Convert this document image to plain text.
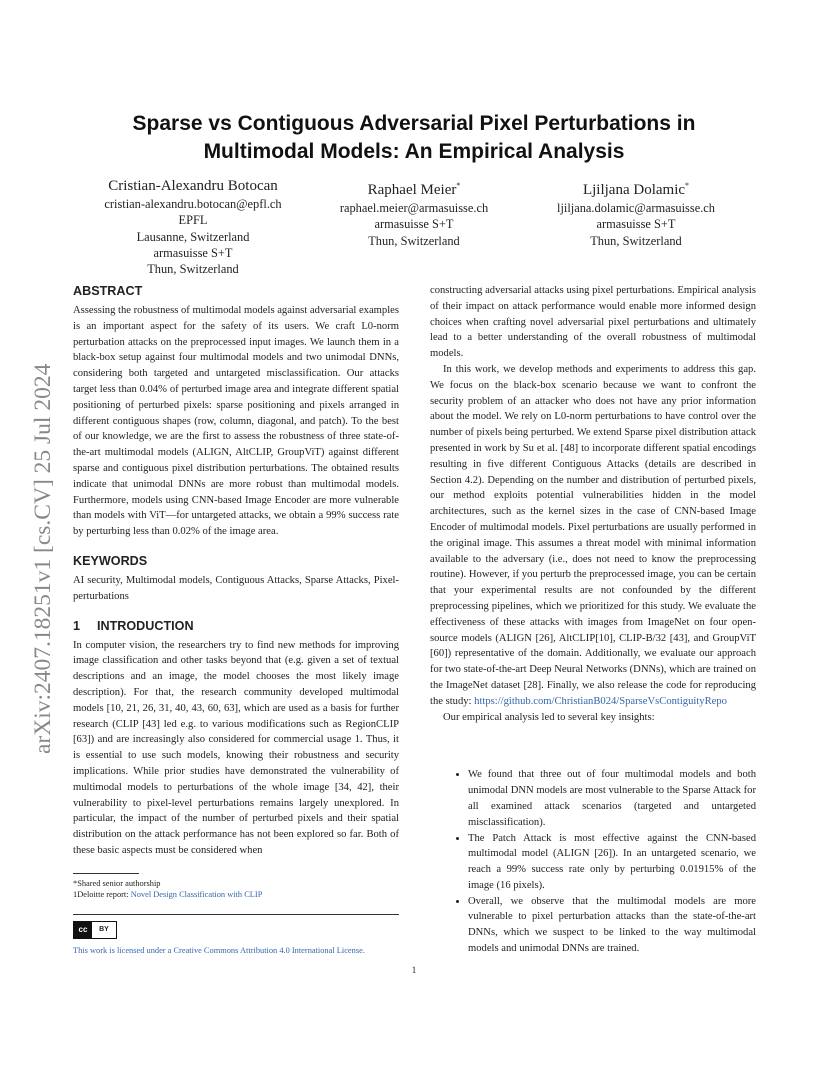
arXiv:2407.18251v1 [cs.CV] 25 Jul 2024
Sparse vs Contiguous Adversarial Pixel Perturbations in
Multimodal Models: An Empirical Analysis
Cristian-Alexandru Botocan
cristian-alexandru.botocan@epfl.ch
EPFL
Lausanne, Switzerland
armasuisse S+T
Thun, Switzerland
Raphael Meier*
raphael.meier@armasuisse.ch
armasuisse S+T
Thun, Switzerland
Ljiljana Dolamic*
ljiljana.dolamic@armasuisse.ch
armasuisse S+T
Thun, Switzerland
ABSTRACT

Assessing the robustness of multimodal models against adversarial examples is an important aspect for the safety of its users. We craft L0-norm perturbation attacks on the preprocessed input images. We launch them in a black-box setup against four multimodal models and two unimodal DNNs, considering both targeted and untargeted misclassification. Our attacks target less than 0.04% of perturbed image area and integrate different spatial positioning of perturbed pixels: sparse positioning and pixels arranged in different contiguous shapes (row, column, diagonal, and patch). To the best of our knowledge, we are the first to assess the robustness of three state-of-the-art multimodal models (ALIGN, AltCLIP, GroupViT) against different sparse and contiguous pixel distribution perturbations. The obtained results indicate that unimodal DNNs are more robust than multimodal models. Furthermore, models using CNN-based Image Encoder are more vulnerable than models with ViT—for untargeted attacks, we obtain a 99% success rate by perturbing less than 0.02% of the image area.

KEYWORDS

AI security, Multimodal models, Contiguous Attacks, Sparse Attacks, Pixel-perturbations

1 INTRODUCTION

In computer vision, the researchers try to find new methods for improving image classification and other tasks beyond that (e.g. given a set of textual descriptions and an image, the model chooses the most likely image description). For that, the research community developed multimodal models [10, 21, 26, 31, 40, 43, 60, 63], which are used as a basis for further research (CLIP [43] led e.g. to various modifications such as RegionCLIP [63]) and are increasingly also considered for commercial usage 1. Thus, it is essential to use such models, knowing their robustness and security implications. While prior studies have demonstrated the vulnerability of multimodal models to perturbations of the whole image [34, 42], their vulnerability to pixel-level perturbations remains largely unexplored. In particular, the impact of the number of perturbed pixels and their spatial distribution on the attack performance has not been explored so far. Both of these basic aspects must be considered when

*Shared senior authorship
1Deloitte report: Novel Design Classification with CLIP
cc	BY
This work is licensed under a Creative Commons Attribution 4.0 International License.

constructing adversarial attacks using pixel perturbations. Empirical analysis of their impact on attack performance would enable more informed design choices when crafting novel adversarial pixel perturbations and ultimately lead to a better understanding of the overall robustness of multimodal models.

In this work, we develop methods and experiments to address this gap. We focus on the black-box scenario because we want to confront the security problem of an attacker who does not have any prior information about the model. We rely on L0-norm perturbations to have control over the number of pixels being perturbed. We extend Sparse pixel distribution attack presented in work by Su et al. [48] to incorporate different spatial encodings resulting in five different Contiguous Attacks (details are described in Section 4.2). Depending on the number and distribution of perturbed pixels, our method exploits potential vulnerabilities hidden in the model architectures, such as the kernel sizes in the case of CNN-based Image Encoder of multimodal models. Pixel perturbations are usually performed in the original image. This assumes a threat model with minimal information available to the adversary (i.e., does not need to know the preprocessing routine). However, if you perturb the preprocessed image, you can be certain that your experimental results are not confounded by the different preprocessing pipelines, which we prioritized for this study. We evaluate the effectiveness of these attacks with images from ImageNet on four open-source models (ALIGN [26], AltCLIP[10], CLIP-B/32 [43], and GroupViT [60]) representative of the domain. Additionally, we evaluate our approach for two state-of-the-art Deep Neural Networks (DNNs), which are trained on the ImageNet dataset [28]. Finally, we also release the code for reproducing the study: https://github.com/ChristianB024/SparseVsContiguityRepo

Our empirical analysis led to several key insights:

• We found that three out of four multimodal models and both unimodal DNN models are most vulnerable to the Sparse Attack for all examined attack scenarios (targeted and untargeted misclassification).
• The Patch Attack is most effective against the CNN-based multimodal model (ALIGN [26]). In an untargeted scenario, we reach a 99% success rate only by perturbing 0.01915% of the image (16 pixels).
• Overall, we observe that the multimodal models are more vulnerable to pixel perturbation attacks than the state-of-the-art DNNs, which we suspect to be linked to the way multimodal models and unimodal DNNs are trained.
1
